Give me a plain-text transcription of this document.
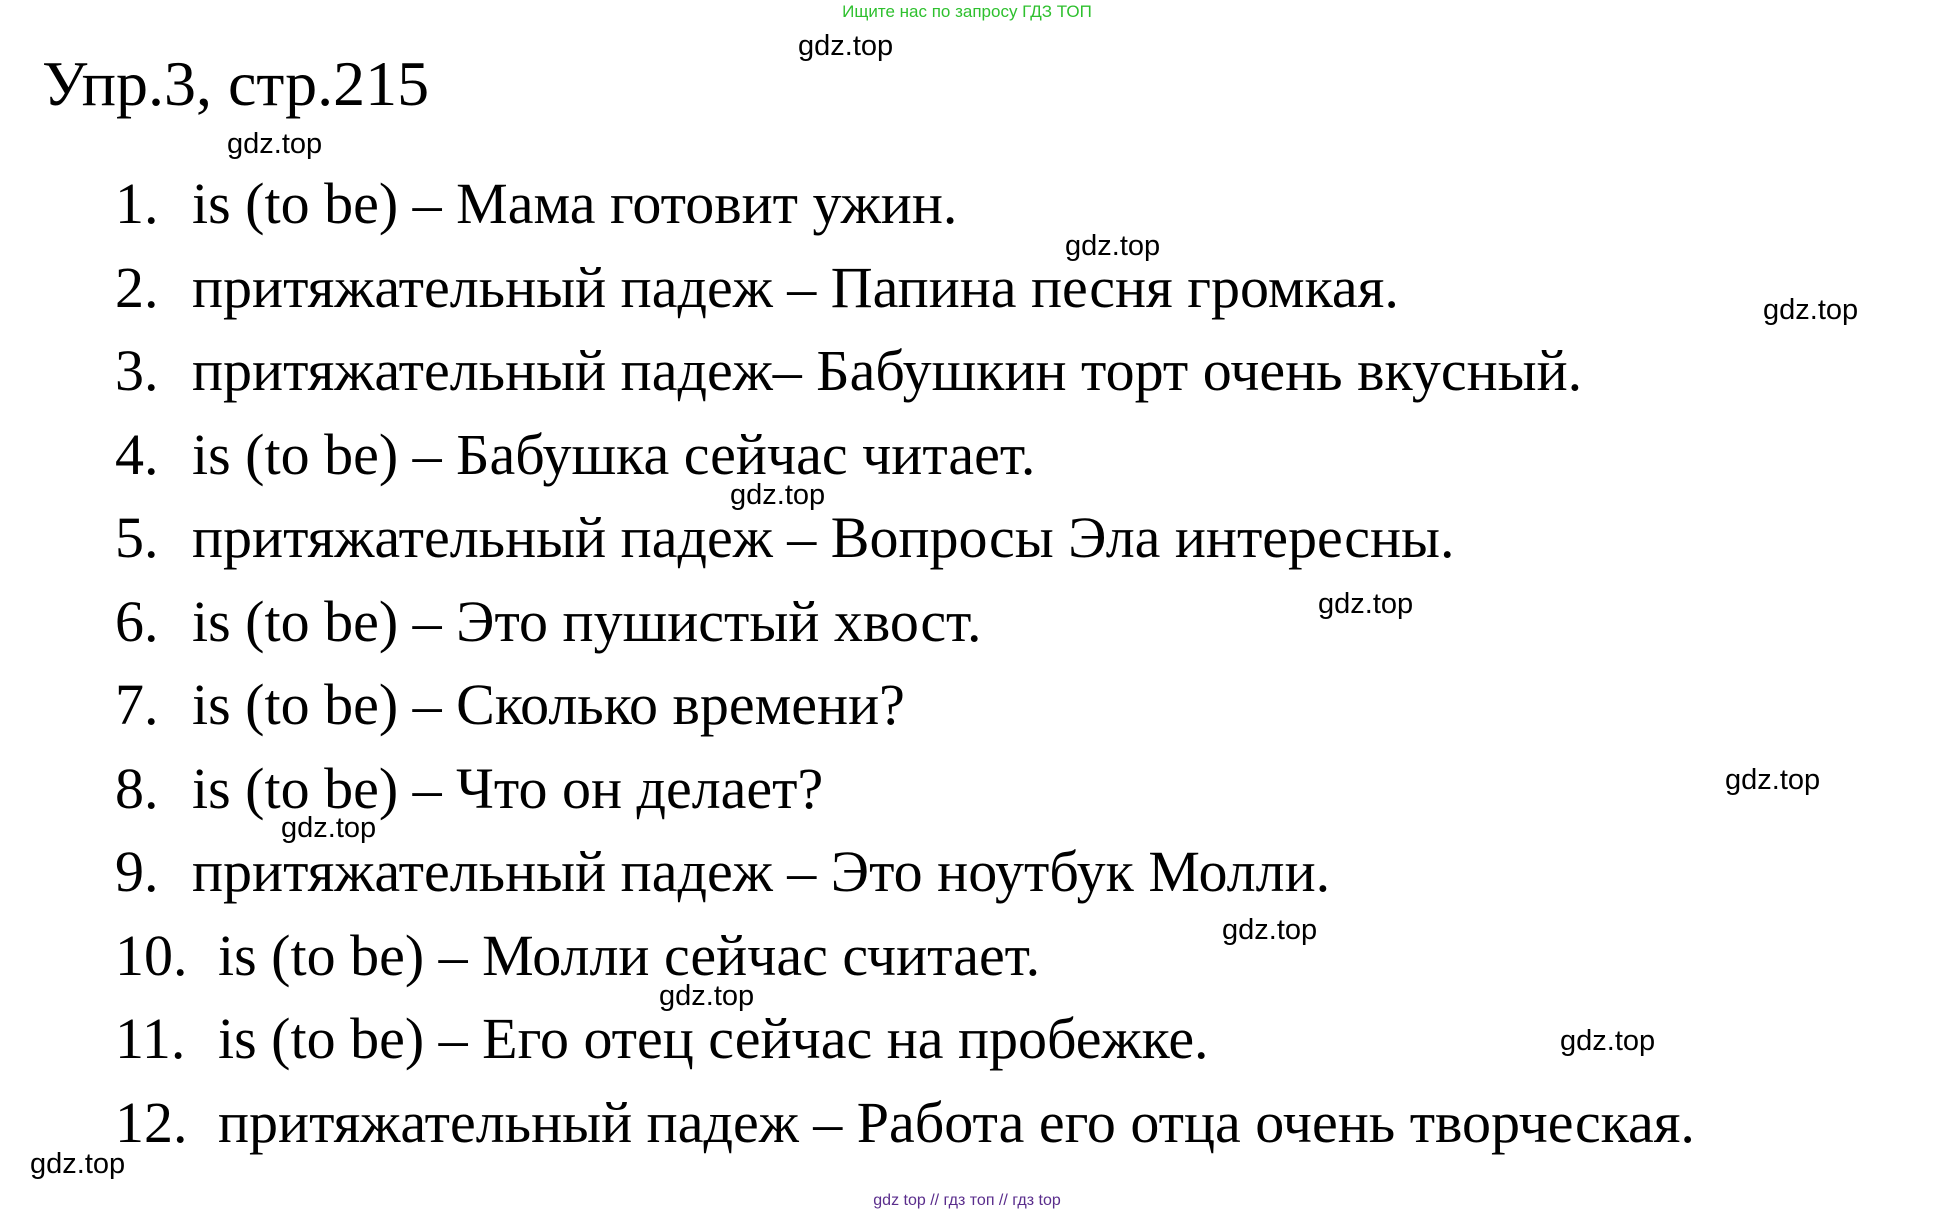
Ищите нас по запросу ГДЗ ТОП
Упр.3, стр.215
1. is (to be) – Мама готовит ужин.
2. притяжательный падеж – Папина песня громкая.
3. притяжательный падеж– Бабушкин торт очень вкусный.
4. is (to be) – Бабушка сейчас читает.
5. притяжательный падеж – Вопросы Эла интересны.
6. is (to be) – Это пушистый хвост.
7. is (to be) – Сколько времени?
8. is (to be) – Что он делает?
9. притяжательный падеж – Это ноутбук Молли.
10. is (to be) – Молли сейчас считает.
11. is (to be) – Его отец сейчас на пробежке.
12. притяжательный падеж – Работа его отца очень творческая.
gdz.top
gdz.top
gdz.top
gdz.top
gdz.top
gdz.top
gdz.top
gdz.top
gdz.top
gdz.top
gdz.top
gdz.top
gdz top // гдз топ // гдз top
